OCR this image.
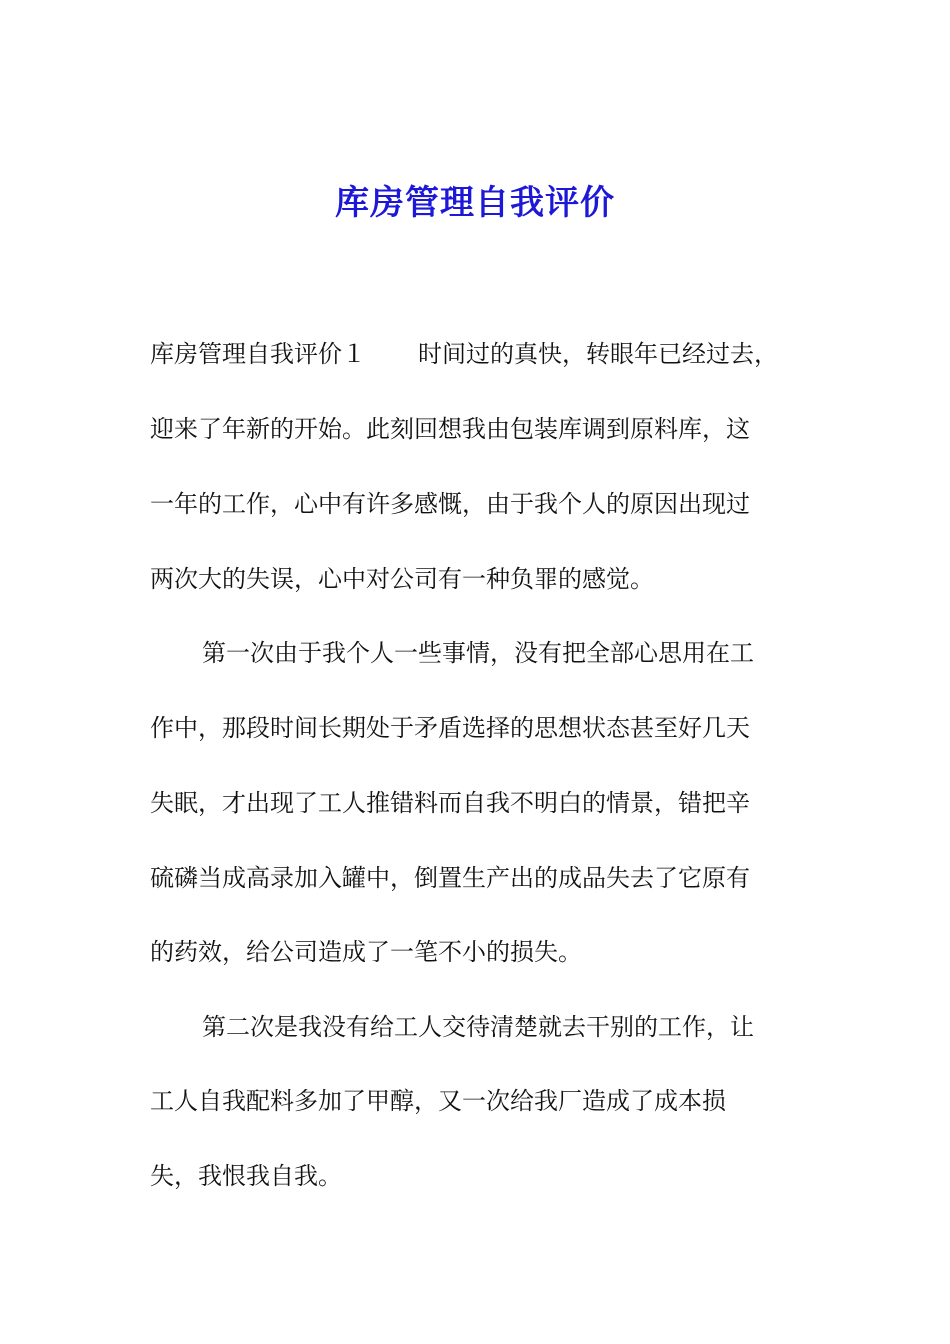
库房管理自我评价
库房管理自我评价１ 时间过的真快，转眼年已经过去，
迎来了年新的开始。此刻回想我由包装库调到原料库，这
一年的工作，心中有许多感慨，由于我个人的原因出现过
两次大的失误，心中对公司有一种负罪的感觉。
第一次由于我个人一些事情，没有把全部心思用在工
作中，那段时间长期处于矛盾选择的思想状态甚至好几天
失眠，才出现了工人推错料而自我不明白的情景，错把辛
硫磷当成高录加入罐中，倒置生产出的成品失去了它原有
的药效，给公司造成了一笔不小的损失。
第二次是我没有给工人交待清楚就去干别的工作，让
工人自我配料多加了甲醇，又一次给我厂造成了成本损
失，我恨我自我。
